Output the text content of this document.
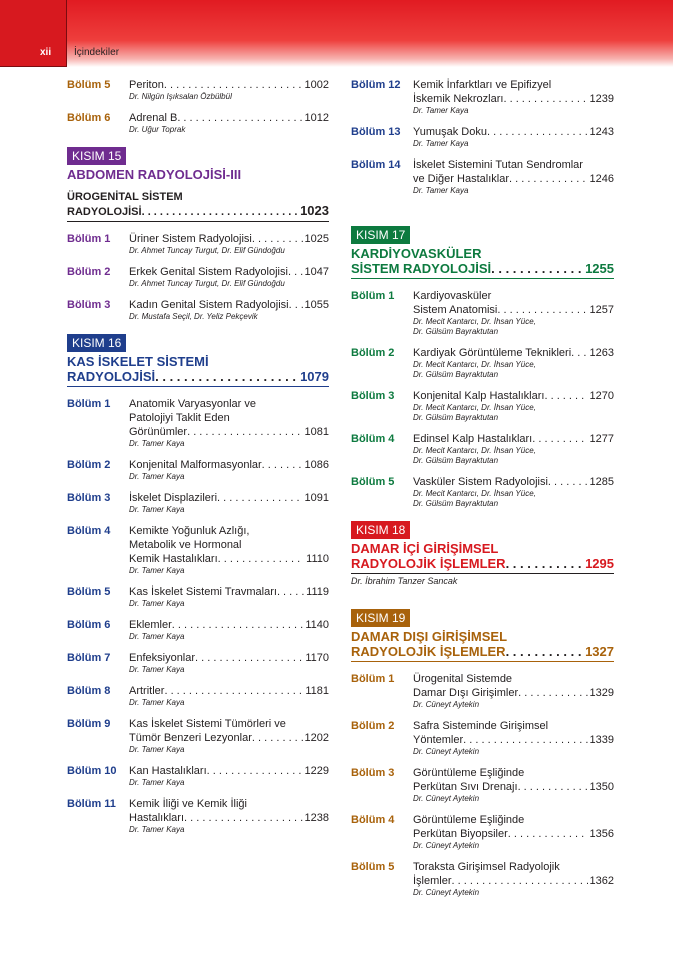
xii İçindekiler
Bölüm 5 Periton . . .	1002
Dr. Nilgün Işıksalan Özbülbül
Bölüm 6 Adrenal B . . .	1012
Dr. Uğur Toprak
KISIM 15
ABDOMEN RADYOLOJİSİ-III
ÜROGENİTAL SİSTEM
RADYOLOJİSİ . . .	1023
Bölüm 1 Üriner Sistem Radyolojisi . . .	1025
Dr. Ahmet Tuncay Turgut, Dr. Elif Gündoğdu
Bölüm 2 Erkek Genital Sistem Radyolojisi . . . 1047
Dr. Ahmet Tuncay Turgut, Dr. Elif Gündoğdu
Bölüm 3 Kadın Genital Sistem Radyolojisi . . . 1055
Dr. Mustafa Seçil, Dr. Yeliz Pekçevik
KISIM 16
KAS İSKELET SİSTEMİ
RADYOLOJİSİ . . .	1079
Bölüm 1 Anatomik Varyasyonlar ve
Patolojiyi Taklit Eden
Görünümler . . .	1081
Dr. Tamer Kaya
Bölüm 2 Konjenital Malformasyonlar . . .	1086
Dr. Tamer Kaya
Bölüm 3 İskelet Displazileri . . .	1091
Dr. Tamer Kaya
Bölüm 4 Kemikte Yoğunluk Azlığı,
Metabolik ve Hormonal
Kemik Hastalıkları . . .	1110
Dr. Tamer Kaya
Bölüm 5 Kas İskelet Sistemi Travmaları . . .	1119
Dr. Tamer Kaya
Bölüm 6 Eklemler . . .	1140
Dr. Tamer Kaya
Bölüm 7 Enfeksiyonlar . . .	1170
Dr. Tamer Kaya
Bölüm 8 Artritler . . .	1181
Dr. Tamer Kaya
Bölüm 9 Kas İskelet Sistemi Tümörleri ve
Tümör Benzeri Lezyonlar . . .	1202
Dr. Tamer Kaya
Bölüm 10 Kan Hastalıkları . . .	1229
Dr. Tamer Kaya
Bölüm 11 Kemik İliği ve Kemik İliği
Hastalıkları . . .	1238
Dr. Tamer Kaya
Bölüm 12 Kemik İnfarktları ve Epifizyel
İskemik Nekrozları . . .	1239
Dr. Tamer Kaya
Bölüm 13 Yumuşak Doku . . .	1243
Dr. Tamer Kaya
Bölüm 14 İskelet Sistemini Tutan Sendromlar
ve Diğer Hastalıklar . . .	1246
Dr. Tamer Kaya
KISIM 17
KARDİYOVASKÜLER
SİSTEM RADYOLOJİSİ . . .	1255
Bölüm 1 Kardiyovasküler
Sistem Anatomisi . . .	1257
Dr. Mecit Kantarcı, Dr. İhsan Yüce,
Dr. Gülsüm Bayraktutan
Bölüm 2 Kardiyak Görüntüleme Teknikleri . . . 1263
Dr. Mecit Kantarcı, Dr. İhsan Yüce,
Dr. Gülsüm Bayraktutan
Bölüm 3 Konjenital Kalp Hastalıkları . . .	1270
Dr. Mecit Kantarcı, Dr. İhsan Yüce,
Dr. Gülsüm Bayraktutan
Bölüm 4 Edinsel Kalp Hastalıkları . . .	1277
Dr. Mecit Kantarcı, Dr. İhsan Yüce,
Dr. Gülsüm Bayraktutan
Bölüm 5 Vasküler Sistem Radyolojisi . . .	1285
Dr. Mecit Kantarcı, Dr. İhsan Yüce,
Dr. Gülsüm Bayraktutan
KISIM 18
DAMAR İÇİ GİRİŞİMSEL
RADYOLOJİK İŞLEMLER . . .	1295
Dr. İbrahim Tanzer Sancak
KISIM 19
DAMAR DIŞI GİRİŞİMSEL
RADYOLOJİK İŞLEMLER . . .	1327
Bölüm 1 Ürogenital Sistemde
Damar Dışı Girişimler . . .	1329
Dr. Cüneyt Aytekin
Bölüm 2 Safra Sisteminde Girişimsel
Yöntemler . . .	1339
Dr. Cüneyt Aytekin
Bölüm 3 Görüntüleme Eşliğinde
Perkütan Sıvı Drenajı . . .	1350
Dr. Cüneyt Aytekin
Bölüm 4 Görüntüleme Eşliğinde
Perkütan Biyopsiler . . .	1356
Dr. Cüneyt Aytekin
Bölüm 5 Toraksta Girişimsel Radyolojik
İşlemler . . .	1362
Dr. Cüneyt Aytekin
